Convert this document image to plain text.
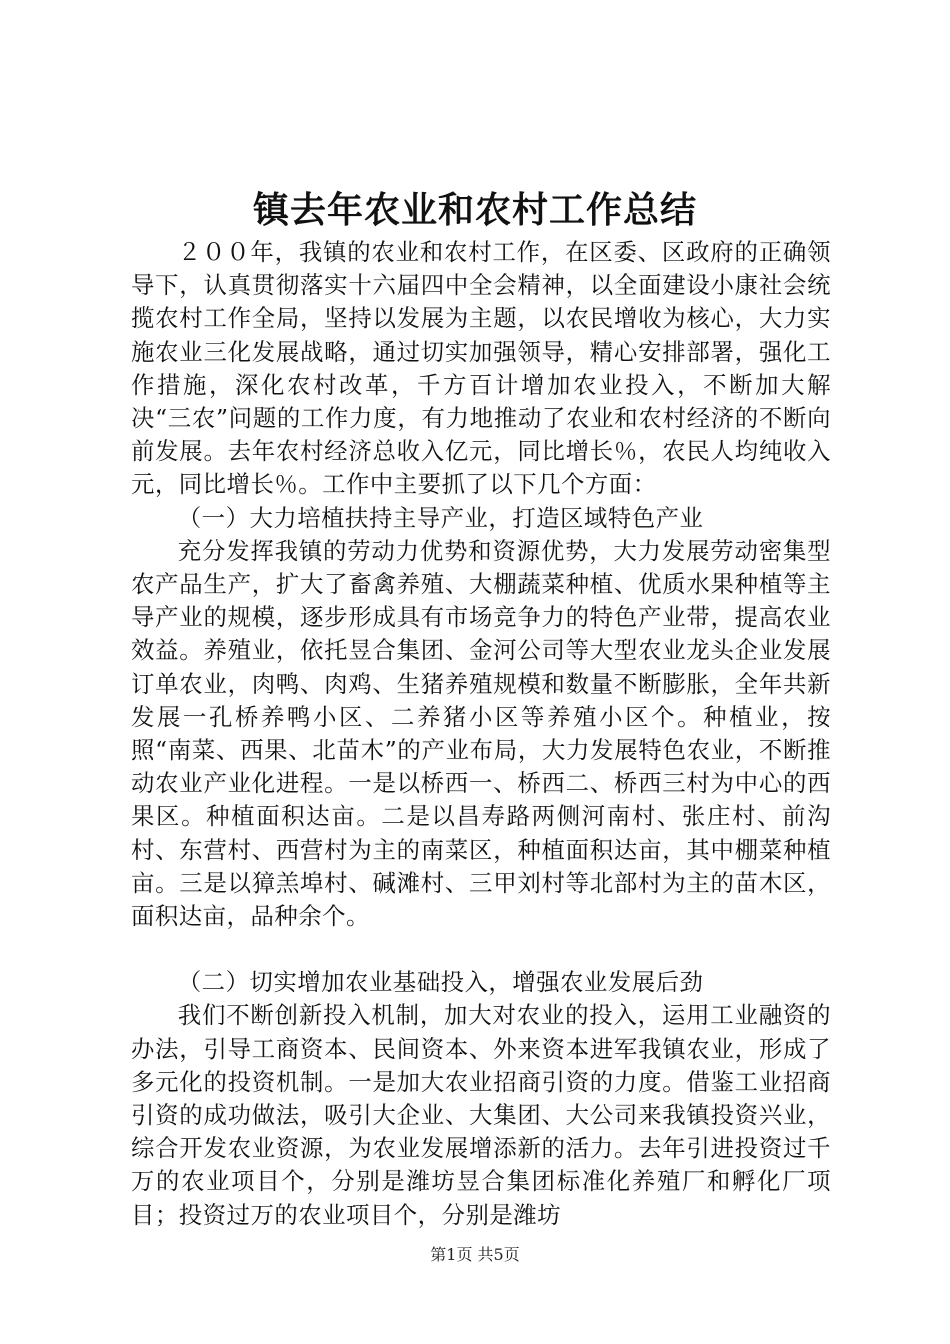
镇去年农业和农村工作总结

２００年，我镇的农业和农村工作，在区委、区政府的正确领导下，认真贯彻落实十六届四中全会精神，以全面建设小康社会统揽农村工作全局，坚持以发展为主题，以农民增收为核心，大力实施农业三化发展战略，通过切实加强领导，精心安排部署，强化工作措施，深化农村改革，千方百计增加农业投入，不断加大解决“三农”问题的工作力度，有力地推动了农业和农村经济的不断向前发展。去年农村经济总收入亿元，同比增长％，农民人均纯收入元，同比增长％。工作中主要抓了以下几个方面：

（一）大力培植扶持主导产业，打造区域特色产业

充分发挥我镇的劳动力优势和资源优势，大力发展劳动密集型农产品生产，扩大了畜禽养殖、大棚蔬菜种植、优质水果种植等主导产业的规模，逐步形成具有市场竞争力的特色产业带，提高农业效益。养殖业，依托昱合集团、金河公司等大型农业龙头企业发展订单农业，肉鸭、肉鸡、生猪养殖规模和数量不断膨胀，全年共新发展一孔桥养鸭小区、二养猪小区等养殖小区个。种植业，按照“南菜、西果、北苗木”的产业布局，大力发展特色农业，不断推动农业产业化进程。一是以桥西一、桥西二、桥西三村为中心的西果区。种植面积达亩。二是以昌寿路两侧河南村、张庄村、前沟村、东营村、西营村为主的南菜区，种植面积达亩，其中棚菜种植亩。三是以獐羔埠村、碱滩村、三甲刘村等北部村为主的苗木区，面积达亩，品种余个。

（二）切实增加农业基础投入，增强农业发展后劲

我们不断创新投入机制，加大对农业的投入，运用工业融资的办法，引导工商资本、民间资本、外来资本进军我镇农业，形成了多元化的投资机制。一是加大农业招商引资的力度。借鉴工业招商引资的成功做法，吸引大企业、大集团、大公司来我镇投资兴业，综合开发农业资源，为农业发展增添新的活力。去年引进投资过千万的农业项目个，分别是潍坊昱合集团标准化养殖厂和孵化厂项目；投资过万的农业项目个，分别是潍坊

第1页 共5页
